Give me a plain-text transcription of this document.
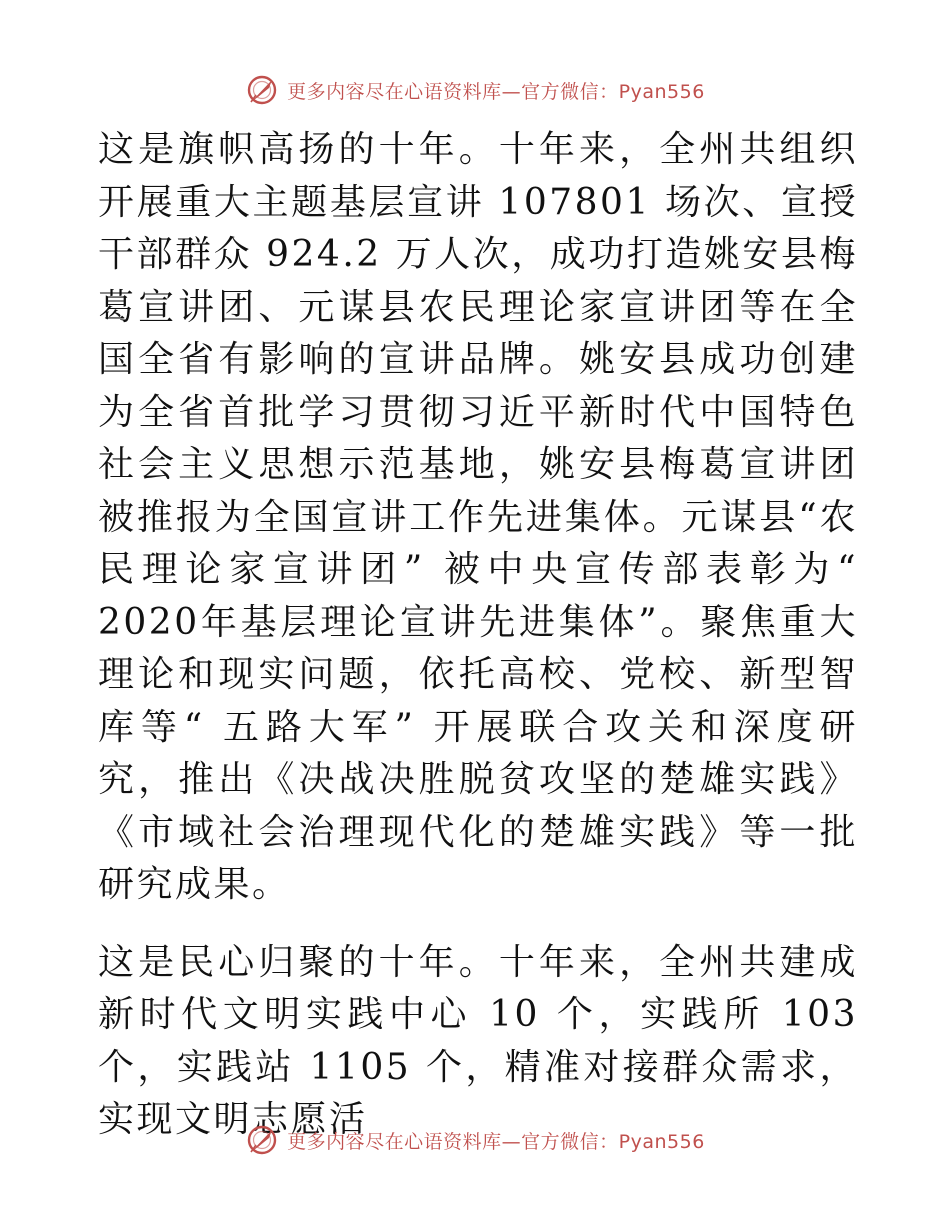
更多内容尽在心语资料库—官方微信：Pyan556

这是旗帜高扬的十年。十年来，全州共组织开展重大主题基层宣讲 107801 场次、宣授干部群众 924.2 万人次，成功打造姚安县梅葛宣讲团、元谋县农民理论家宣讲团等在全国全省有影响的宣讲品牌。姚安县成功创建为全省首批学习贯彻习近平新时代中国特色社会主义思想示范基地，姚安县梅葛宣讲团被推报为全国宣讲工作先进集体。元谋县“农民理论家宣讲团” 被中央宣传部表彰为“ 2020年基层理论宣讲先进集体”。聚焦重大理论和现实问题，依托高校、党校、新型智库等“ 五路大军” 开展联合攻关和深度研究，推出《决战决胜脱贫攻坚的楚雄实践》《市域社会治理现代化的楚雄实践》等一批研究成果。

这是民心归聚的十年。十年来，全州共建成新时代文明实践中心 10 个，实践所 103 个，实践站 1105 个，精准对接群众需求，实现文明志愿活

更多内容尽在心语资料库—官方微信：Pyan556
